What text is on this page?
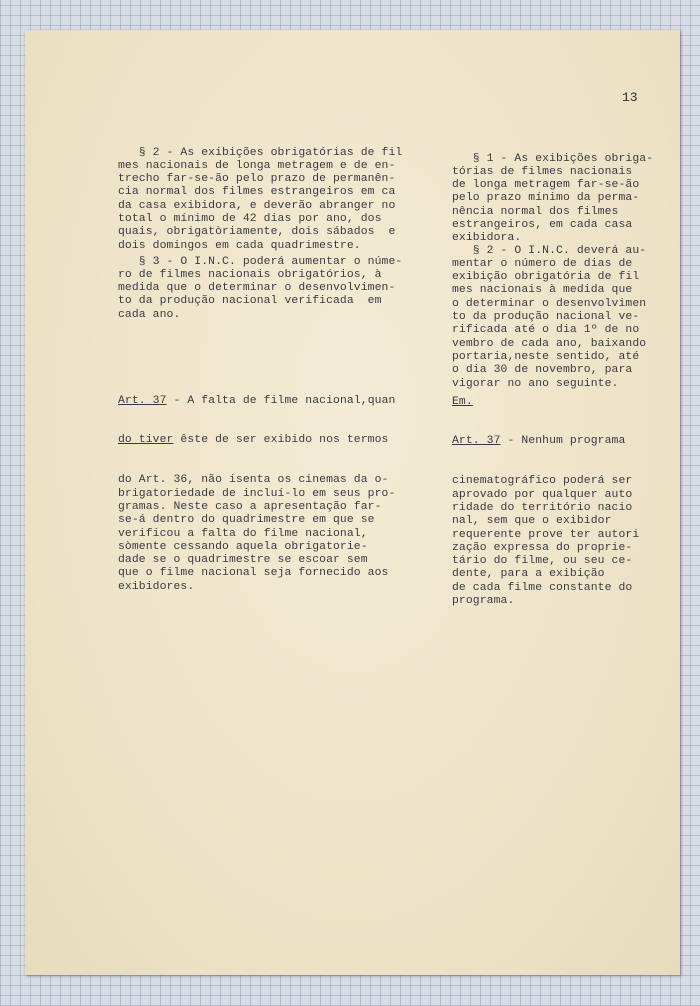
13

§ 2 - As exibições obrigatórias de fil
mes nacionais de longa metragem e de en-
trecho far-se-ão pelo prazo de permanên-
cia normal dos filmes estrangeiros em ca
da casa exibidora, e deverão abranger no
total o mínimo de 42 dias por ano, dos
quais, obrigatòriamente, dois sábados  e
dois domingos em cada quadrimestre.

§ 3 - O I.N.C. poderá aumentar o núme-
ro de filmes nacionais obrigatórios, à
medida que o determinar o desenvolvimen-
to da produção nacional verificada  em
cada ano.

Art. 37 - A falta de filme nacional,quan

do tiver êste de ser exibido nos termos

do Art. 36, não isenta os cinemas da o-
brigatoriedade de incluí-lo em seus pro-
gramas. Neste caso a apresentação far-
se-á dentro do quadrimestre em que se
verificou a falta do filme nacional,
sòmente cessando aquela obrigatorie-
dade se o quadrimestre se escoar sem
que o filme nacional seja fornecido aos
exibidores.

§ 1 - As exibições obriga-
tórias de filmes nacionais
de longa metragem far-se-ão
pelo prazo mínimo da perma-
nência normal dos filmes
estrangeiros, em cada casa
exibidora.

§ 2 - O I.N.C. deverá au-
mentar o número de dias de
exibição obrigatória de fil
mes nacionais à medida que
o determinar o desenvolvimen
to da produção nacional ve-
rificada até o dia 1º de no
vembro de cada ano, baixando
portaria,neste sentido, até
o dia 30 de novembro, para
vigorar no ano seguinte.

Em.

Art. 37 - Nenhum programa

cinematográfico poderá ser
aprovado por qualquer auto
ridade do território nacio
nal, sem que o exibidor
requerente prove ter autori
zação expressa do proprie-
tário do filme, ou seu ce-
dente, para a exibição
de cada filme constante do
programa.
